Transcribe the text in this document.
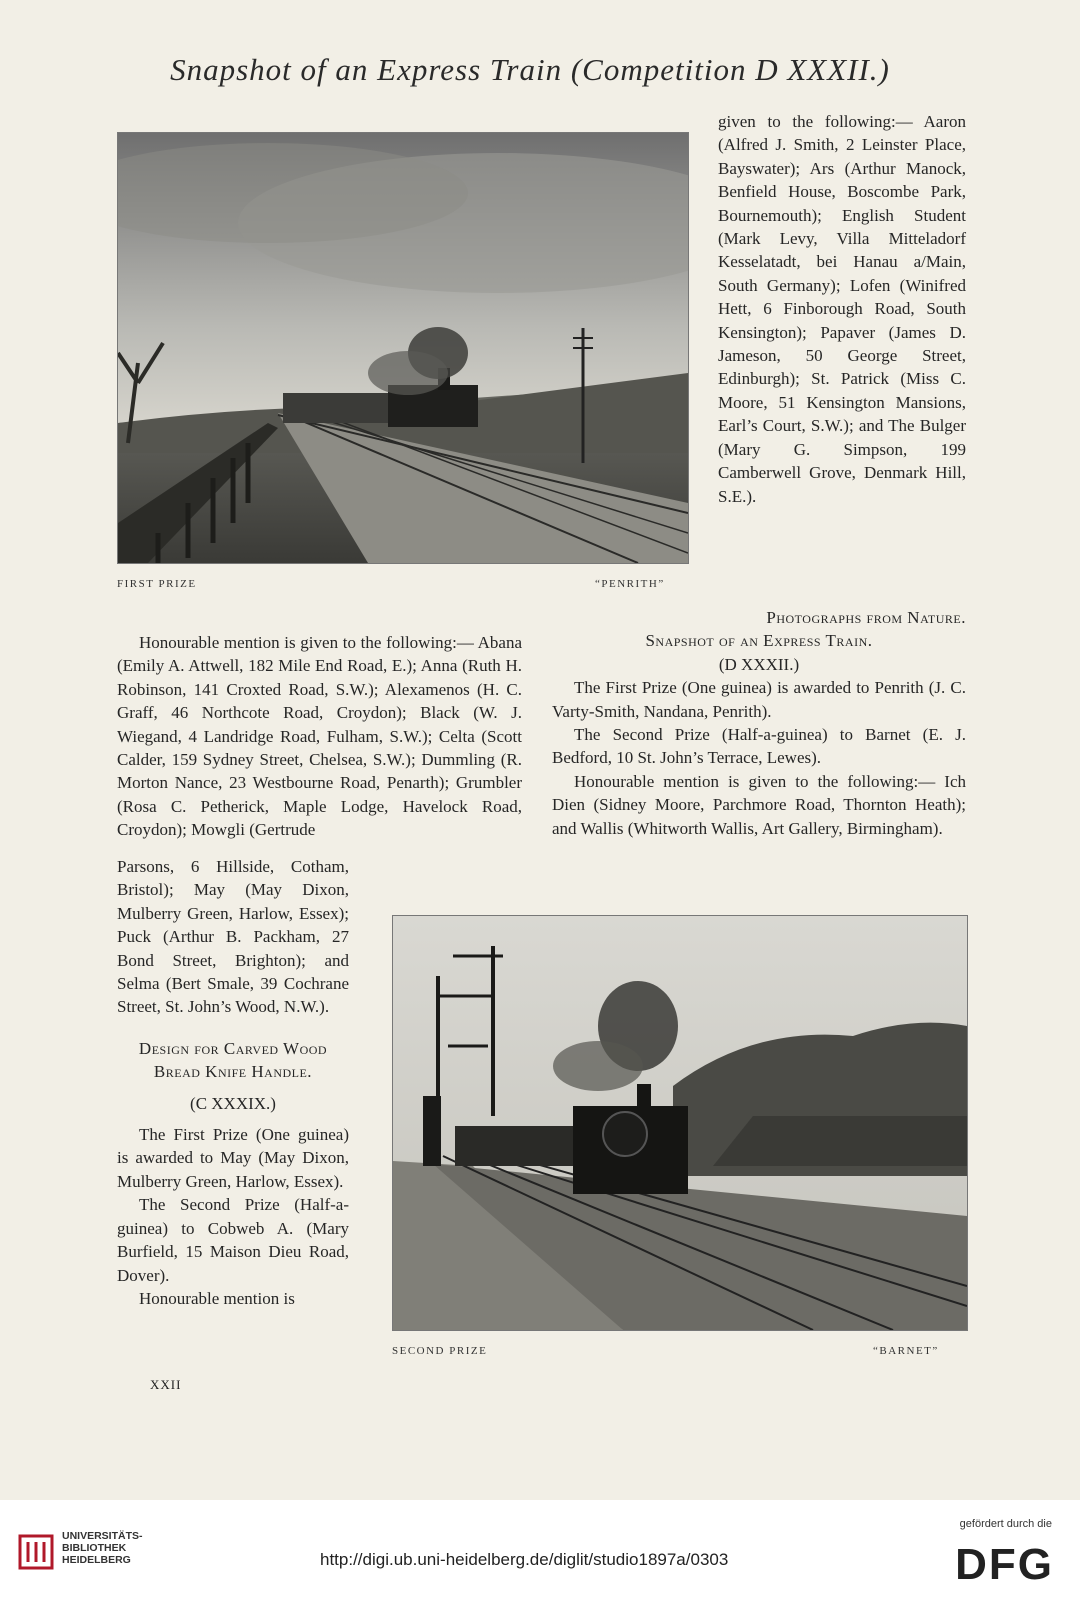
Snapshot of an Express Train (Competition D XXXII.)
FIRST PRIZE	“PENRITH”

given to the following:— Aaron (Alfred J. Smith, 2 Leinster Place, Bayswater); Ars (Arthur Manock, Benfield House, Boscombe Park, Bournemouth); English Student (Mark Levy, Villa Mitteladorf Kesselatadt, bei Hanau a/Main, South Germany); Lofen (Winifred Hett, 6 Finborough Road, South Kensington); Papaver (James D. Jameson, 50 George Street, Edinburgh); St. Patrick (Miss C. Moore, 51 Kensington Mansions, Earl’s Court, S.W.); and The Bulger (Mary G. Simpson, 199 Camberwell Grove, Denmark Hill, S.E.).

Honourable mention is given to the following:— Abana (Emily A. Attwell, 182 Mile End Road, E.); Anna (Ruth H. Robinson, 141 Croxted Road, S.W.); Alexamenos (H. C. Graff, 46 Northcote Road, Croydon); Black (W. J. Wiegand, 4 Landridge Road, Fulham, S.W.); Celta (Scott Calder, 159 Sydney Street, Chelsea, S.W.); Dummling (R. Morton Nance, 23 Westbourne Road, Penarth); Grumbler (Rosa C. Petherick, Maple Lodge, Havelock Road, Croydon); Mowgli (Gertrude

Parsons, 6 Hillside, Cotham, Bristol); May (May Dixon, Mulberry Green, Harlow, Essex); Puck (Arthur B. Packham, 27 Bond Street, Brighton); and Selma (Bert Smale, 39 Cochrane Street, St. John’s Wood, N.W.).

Design for Carved Wood

Bread Knife Handle.

(C XXXIX.)

The First Prize (One guinea) is awarded to May (May Dixon, Mulberry Green, Harlow, Essex).

The Second Prize (Half-a-guinea) to Cobweb A. (Mary Burfield, 15 Maison Dieu Road, Dover).

Honourable mention is

XXII

Photographs from Nature.

Snapshot of an Express Train.

(D XXXII.)

The First Prize (One guinea) is awarded to Penrith (J. C. Varty-Smith, Nandana, Penrith).

The Second Prize (Half-a-guinea) to Barnet (E. J. Bedford, 10 St. John’s Terrace, Lewes).

Honourable mention is given to the following:— Ich Dien (Sidney Moore, Parchmore Road, Thornton Heath); and Wallis (Whitworth Wallis, Art Gallery, Birmingham).

SECOND PRIZE	“BARNET”
UNIVERSITÄTS-
BIBLIOTHEK
HEIDELBERG	http://digi.ub.uni-heidelberg.de/diglit/studio1897a/0303
gefördert durch die
DFG
